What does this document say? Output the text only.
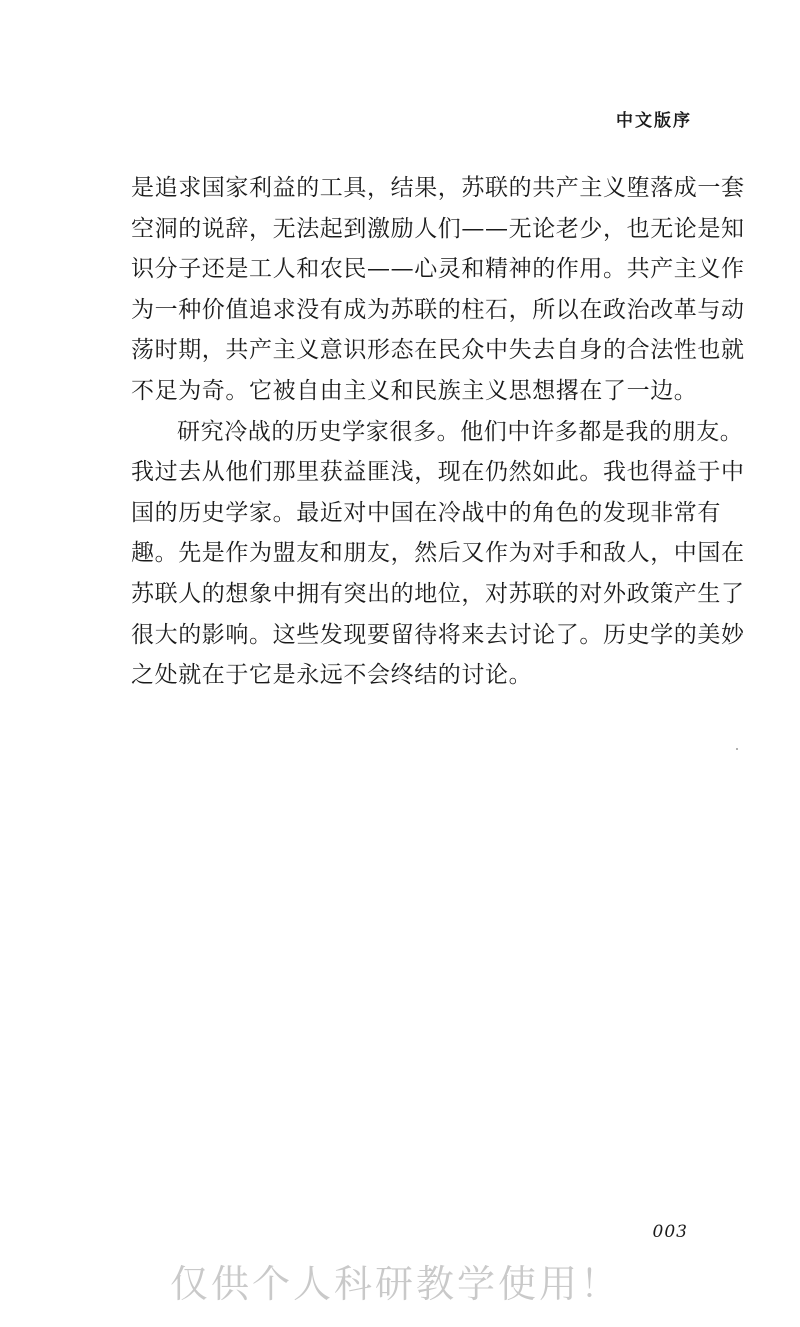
中文版序
是追求国家利益的工具，结果，苏联的共产主义堕落成一套
空洞的说辞，无法起到激励人们——无论老少，也无论是知
识分子还是工人和农民——心灵和精神的作用。共产主义作
为一种价值追求没有成为苏联的柱石，所以在政治改革与动
荡时期，共产主义意识形态在民众中失去自身的合法性也就
不足为奇。它被自由主义和民族主义思想撂在了一边。
研究冷战的历史学家很多。他们中许多都是我的朋友。
我过去从他们那里获益匪浅，现在仍然如此。我也得益于中
国的历史学家。最近对中国在冷战中的角色的发现非常有
趣。先是作为盟友和朋友，然后又作为对手和敌人，中国在
苏联人的想象中拥有突出的地位，对苏联的对外政策产生了
很大的影响。这些发现要留待将来去讨论了。历史学的美妙
之处就在于它是永远不会终结的讨论。
003
仅供个人科研教学使用！
